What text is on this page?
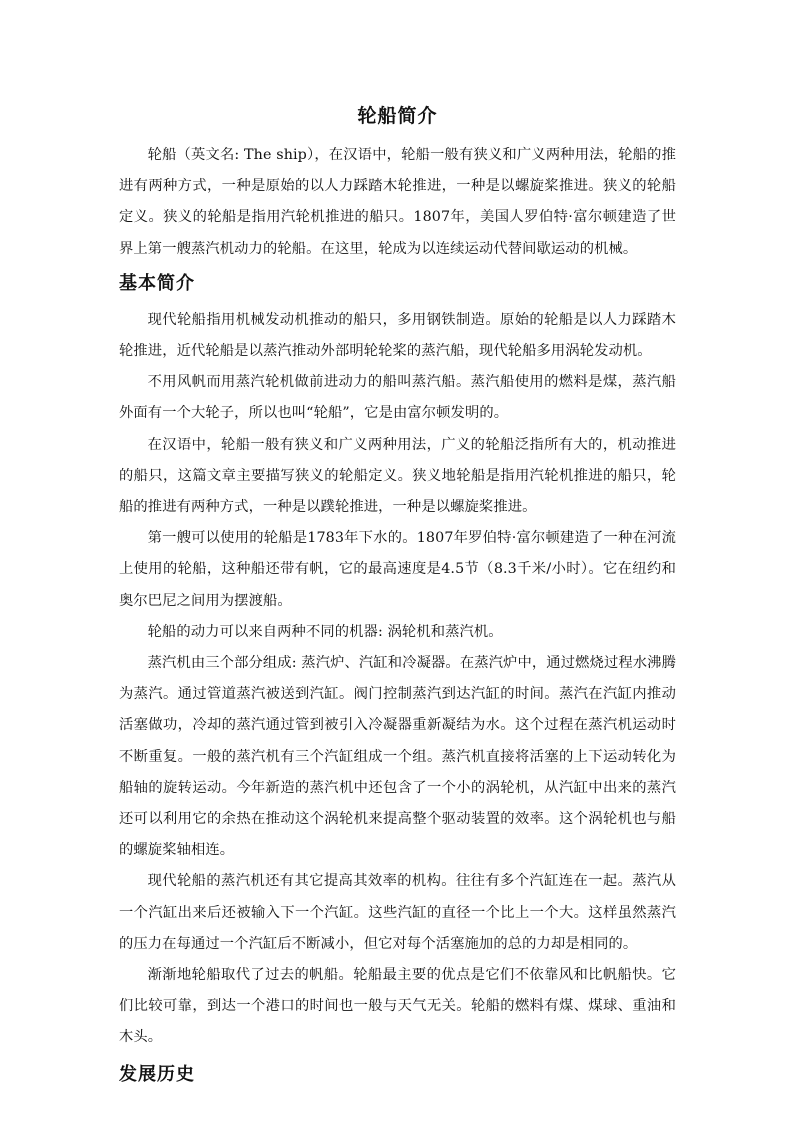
轮船简介

轮船（英文名: The ship），在汉语中，轮船一般有狭义和广义两种用法，轮船的推进有两种方式，一种是原始的以人力踩踏木轮推进，一种是以螺旋桨推进。狭义的轮船定义。狭义的轮船是指用汽轮机推进的船只。1807年，美国人罗伯特·富尔顿建造了世界上第一艘蒸汽机动力的轮船。在这里，轮成为以连续运动代替间歇运动的机械。

基本简介

现代轮船指用机械发动机推动的船只，多用钢铁制造。原始的轮船是以人力踩踏木轮推进，近代轮船是以蒸汽推动外部明轮轮桨的蒸汽船，现代轮船多用涡轮发动机。

不用风帆而用蒸汽轮机做前进动力的船叫蒸汽船。蒸汽船使用的燃料是煤，蒸汽船外面有一个大轮子，所以也叫“轮船”，它是由富尔顿发明的。

在汉语中，轮船一般有狭义和广义两种用法，广义的轮船泛指所有大的，机动推进的船只，这篇文章主要描写狭义的轮船定义。狭义地轮船是指用汽轮机推进的船只，轮船的推进有两种方式，一种是以蹼轮推进，一种是以螺旋桨推进。

第一艘可以使用的轮船是1783年下水的。1807年罗伯特·富尔顿建造了一种在河流上使用的轮船，这种船还带有帆，它的最高速度是4.5节（8.3千米/小时）。它在纽约和奥尔巴尼之间用为摆渡船。

轮船的动力可以来自两种不同的机器: 涡轮机和蒸汽机。

蒸汽机由三个部分组成: 蒸汽炉、汽缸和冷凝器。在蒸汽炉中，通过燃烧过程水沸腾为蒸汽。通过管道蒸汽被送到汽缸。阀门控制蒸汽到达汽缸的时间。蒸汽在汽缸内推动活塞做功，冷却的蒸汽通过管到被引入冷凝器重新凝结为水。这个过程在蒸汽机运动时不断重复。一般的蒸汽机有三个汽缸组成一个组。蒸汽机直接将活塞的上下运动转化为船轴的旋转运动。今年新造的蒸汽机中还包含了一个小的涡轮机，从汽缸中出来的蒸汽还可以利用它的余热在推动这个涡轮机来提高整个驱动装置的效率。这个涡轮机也与船的螺旋桨轴相连。

现代轮船的蒸汽机还有其它提高其效率的机构。往往有多个汽缸连在一起。蒸汽从一个汽缸出来后还被输入下一个汽缸。这些汽缸的直径一个比上一个大。这样虽然蒸汽的压力在每通过一个汽缸后不断减小，但它对每个活塞施加的总的力却是相同的。

渐渐地轮船取代了过去的帆船。轮船最主要的优点是它们不依靠风和比帆船快。它们比较可靠，到达一个港口的时间也一般与天气无关。轮船的燃料有煤、煤球、重油和木头。

发展历史
